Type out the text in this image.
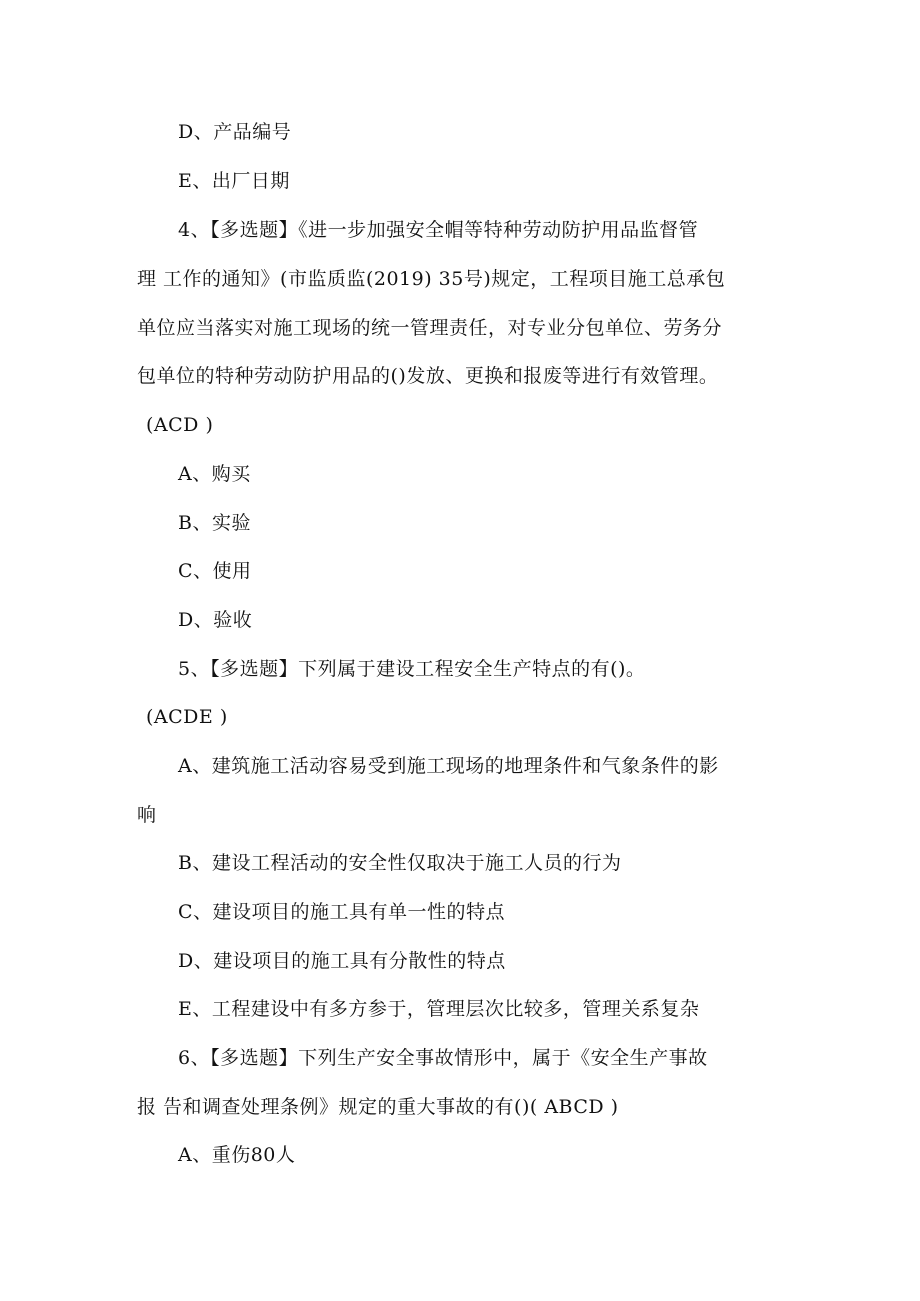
D、产品编号
E、出厂日期
4、【多选题】《进一步加强安全帽等特种劳动防护用品监督管
理 工作的通知》(市监质监(2019) 35号)规定，工程项目施工总承包
单位应当落实对施工现场的统一管理责任，对专业分包单位、劳务分
包单位的特种劳动防护用品的()发放、更换和报废等进行有效管理。
(ACD )
A、购买
B、实验
C、使用
D、验收
5、【多选题】下列属于建设工程安全生产特点的有()。
(ACDE )
A、建筑施工活动容易受到施工现场的地理条件和气象条件的影
响
B、建设工程活动的安全性仅取决于施工人员的行为
C、建设项目的施工具有单一性的特点
D、建设项目的施工具有分散性的特点
E、工程建设中有多方参于，管理层次比较多，管理关系复杂
6、【多选题】下列生产安全事故情形中，属于《安全生产事故
报 告和调查处理条例》规定的重大事故的有()( ABCD )
A、重伤80人
